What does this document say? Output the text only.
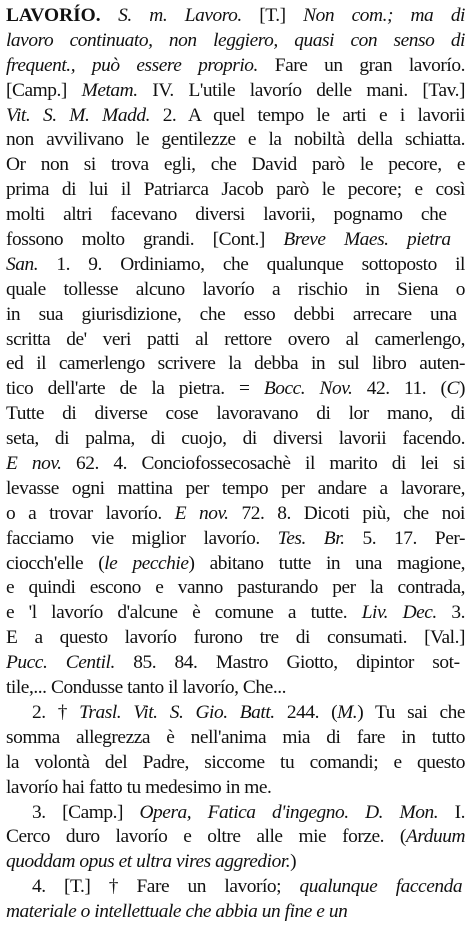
LAVORÍO. S. m. Lavoro. [T.] Non com.; ma di
lavoro continuato, non leggiero, quasi con senso di
frequent., può essere proprio. Fare un gran lavorío.
[Camp.] Metam. IV. L'utile lavorío delle mani. [Tav.]
Vit. S. M. Madd. 2. A quel tempo le arti e i lavorii
non avvilivano le gentilezze e la nobiltà della schiatta.
Or non si trova egli, che David parò le pecore, e
prima di lui il Patriarca Jacob parò le pecore; e così
molti altri facevano diversi lavorii, pognamo che
fossono molto grandi. [Cont.] Breve Maes. pietra
San. 1. 9. Ordiniamo, che qualunque sottoposto il
quale tollesse alcuno lavorío a rischio in Siena o
in sua giurisdizione, che esso debbi arrecare una
scritta de' veri patti al rettore overo al camerlengo,
ed il camerlengo scrivere la debba in sul libro auten-
tico dell'arte de la pietra. = Bocc. Nov. 42. 11. (C)
Tutte di diverse cose lavoravano di lor mano, di
seta, di palma, di cuojo, di diversi lavorii facendo.
E nov. 62. 4. Conciofossecosachè il marito di lei si
levasse ogni mattina per tempo per andare a lavorare,
o a trovar lavorío. E nov. 72. 8. Dicoti più, che noi
facciamo vie miglior lavorío. Tes. Br. 5. 17. Per-
ciocch'elle (le pecchie) abitano tutte in una magione,
e quindi escono e vanno pasturando per la contrada,
e 'l lavorío d'alcune è comune a tutte. Liv. Dec. 3.
E a questo lavorío furono tre di consumati. [Val.]
Pucc. Centil. 85. 84. Mastro Giotto, dipintor sot-
tile,... Condusse tanto il lavorío, Che...
2. † Trasl. Vit. S. Gio. Batt. 244. (M.) Tu sai che
somma allegrezza è nell'anima mia di fare in tutto
la volontà del Padre, siccome tu comandi; e questo
lavorío hai fatto tu medesimo in me.
3. [Camp.] Opera, Fatica d'ingegno. D. Mon. I.
Cerco duro lavorío e oltre alle mie forze. (Arduum
quoddam opus et ultra vires aggredior.)
4. [T.] † Fare un lavorío; qualunque faccenda
materiale o intellettuale che abbia un fine e un
